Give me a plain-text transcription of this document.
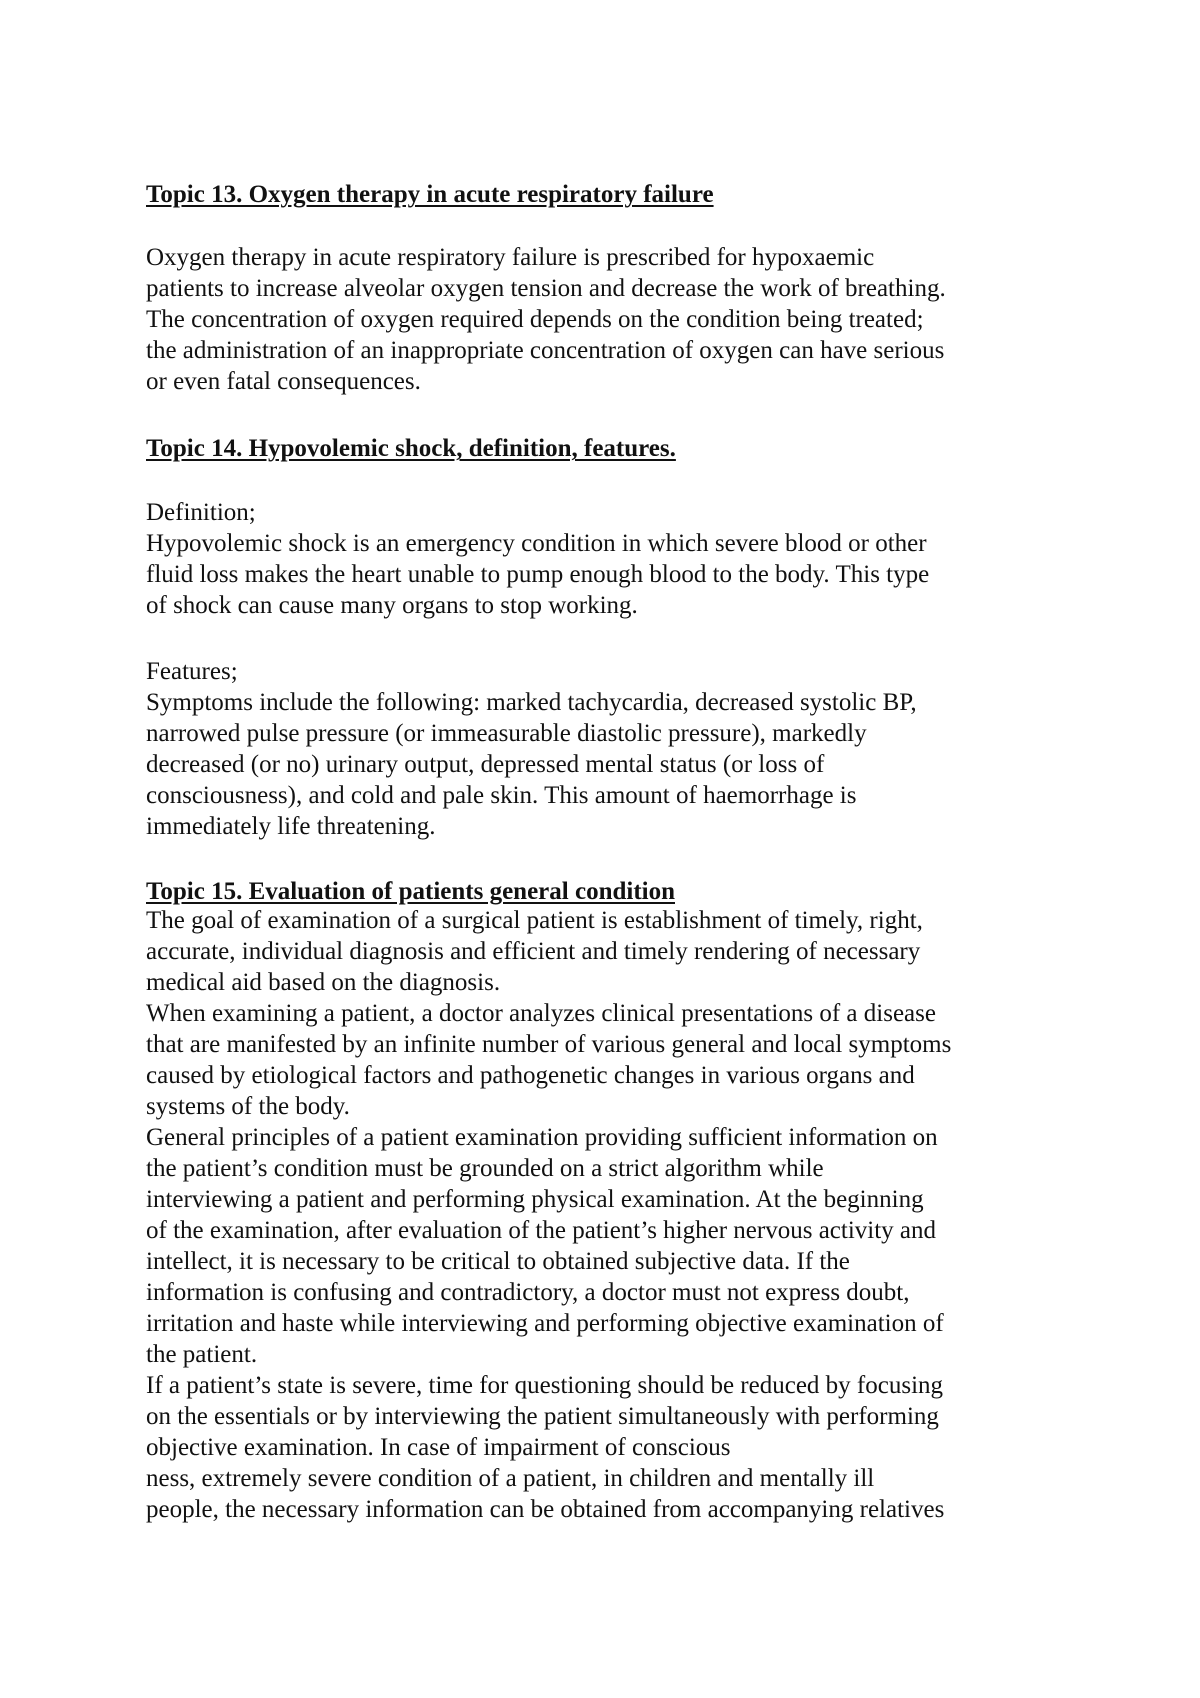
Topic 13. Oxygen therapy in acute respiratory failure

Oxygen therapy in acute respiratory failure is prescribed for hypoxaemic

patients to increase alveolar oxygen tension and decrease the work of breathing.

The concentration of oxygen required depends on the condition being treated;

the administration of an inappropriate concentration of oxygen can have serious

or even fatal consequences.

Topic 14. Hypovolemic shock, definition, features.

Definition;

Hypovolemic shock is an emergency condition in which severe blood or other

fluid loss makes the heart unable to pump enough blood to the body. This type

of shock can cause many organs to stop working.

Features;

Symptoms include the following: marked tachycardia, decreased systolic BP,

narrowed pulse pressure (or immeasurable diastolic pressure), markedly

decreased (or no) urinary output, depressed mental status (or loss of

consciousness), and cold and pale skin. This amount of haemorrhage is

immediately life threatening.

Topic 15. Evaluation of patients general condition

The goal of examination of a surgical patient is establishment of timely, right,

accurate, individual diagnosis and efficient and timely rendering of necessary

medical aid based on the diagnosis.

When examining a patient, a doctor analyzes clinical presentations of a disease

that are manifested by an infinite number of various general and local symptoms

caused by etiological factors and pathogenetic changes in various organs and

systems of the body.

General principles of a patient examination providing sufficient information on

the patient’s condition must be grounded on a strict algorithm while

interviewing a patient and performing physical examination. At the beginning

of the examination, after evaluation of the patient’s higher nervous activity and

intellect, it is necessary to be critical to obtained subjective data. If the

information is confusing and contradictory, a doctor must not express doubt,

irritation and haste while interviewing and performing objective examination of

the patient.

If a patient’s state is severe, time for questioning should be reduced by focusing

on the essentials or by interviewing the patient simultaneously with performing

objective examination. In case of impairment of conscious

ness, extremely severe condition of a patient, in children and mentally ill

people, the necessary information can be obtained from accompanying relatives
